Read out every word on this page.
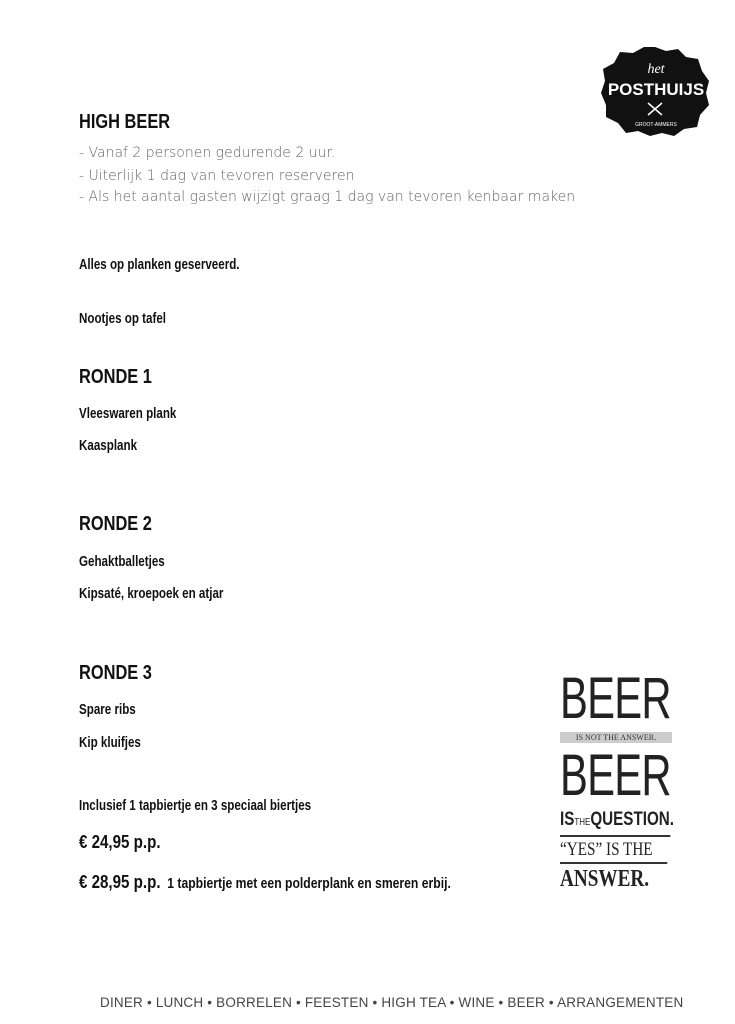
het
POSTHUIJS
GROOT-AMMERS
HIGH BEER
- Vanaf 2 personen gedurende 2 uur.
- Uiterlijk 1 dag van tevoren reserveren
- Als het aantal gasten wijzigt graag 1 dag van tevoren kenbaar maken
Alles op planken geserveerd.
Nootjes op tafel
RONDE 1
Vleeswaren plank
Kaasplank
RONDE 2
Gehaktballetjes
Kipsaté, kroepoek en atjar
RONDE 3
Spare ribs
Kip kluifjes
Inclusief 1 tapbiertje en 3 speciaal biertjes
€ 24,95 p.p.
€ 28,95 p.p. 1 tapbiertje met een polderplank en smeren erbij.
BEER
IS NOT THE ANSWER.
BEER
ISTHEQUESTION.
“YES” IS THE
ANSWER.
DINER • LUNCH • BORRELEN • FEESTEN • HIGH TEA • WINE • BEER • ARRANGEMENTEN
